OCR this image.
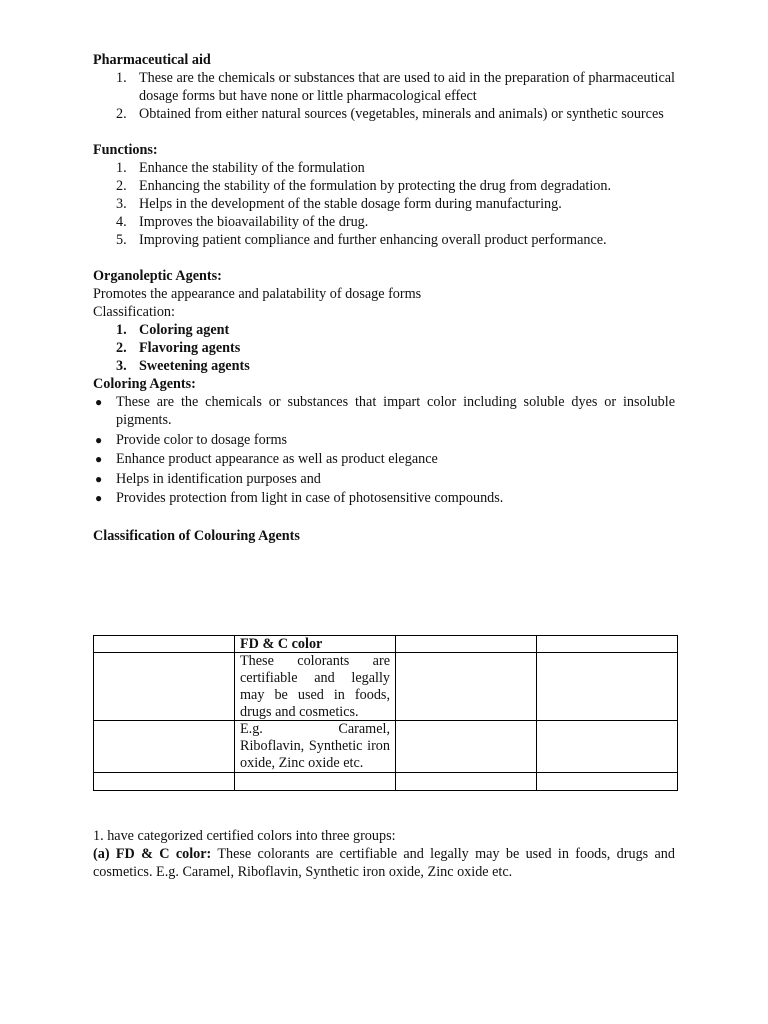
Pharmaceutical aid

1. These are the chemicals or substances that are used to aid in the preparation of pharmaceutical dosage forms but have none or little pharmacological effect
2. Obtained from either natural sources (vegetables, minerals and animals) or synthetic sources

Functions:

1. Enhance the stability of the formulation
2. Enhancing the stability of the formulation by protecting the drug from degradation.
3. Helps in the development of the stable dosage form during manufacturing.
4. Improves the bioavailability of the drug.
5. Improving patient compliance and further enhancing overall product performance.

Organoleptic Agents:

Promotes the appearance and palatability of dosage forms

Classification:

1. Coloring agent
2. Flavoring agents
3. Sweetening agents

Coloring Agents:

● These are the chemicals or substances that impart color including soluble dyes or insoluble pigments.
● Provide color to dosage forms
● Enhance product appearance as well as product elegance
● Helps in identification purposes and
● Provides protection from light in case of photosensitive compounds.

Classification of Colouring Agents

	FD & C color		
	These colorants are certifiable and legally may be used in foods, drugs and cosmetics.		

	E.g. Caramel,
Riboflavin, Synthetic iron oxide, Zinc oxide etc.		

1. have categorized certified colors into three groups:

(a) FD & C color: These colorants are certifiable and legally may be used in foods, drugs and cosmetics. E.g. Caramel, Riboflavin, Synthetic iron oxide, Zinc oxide etc.
